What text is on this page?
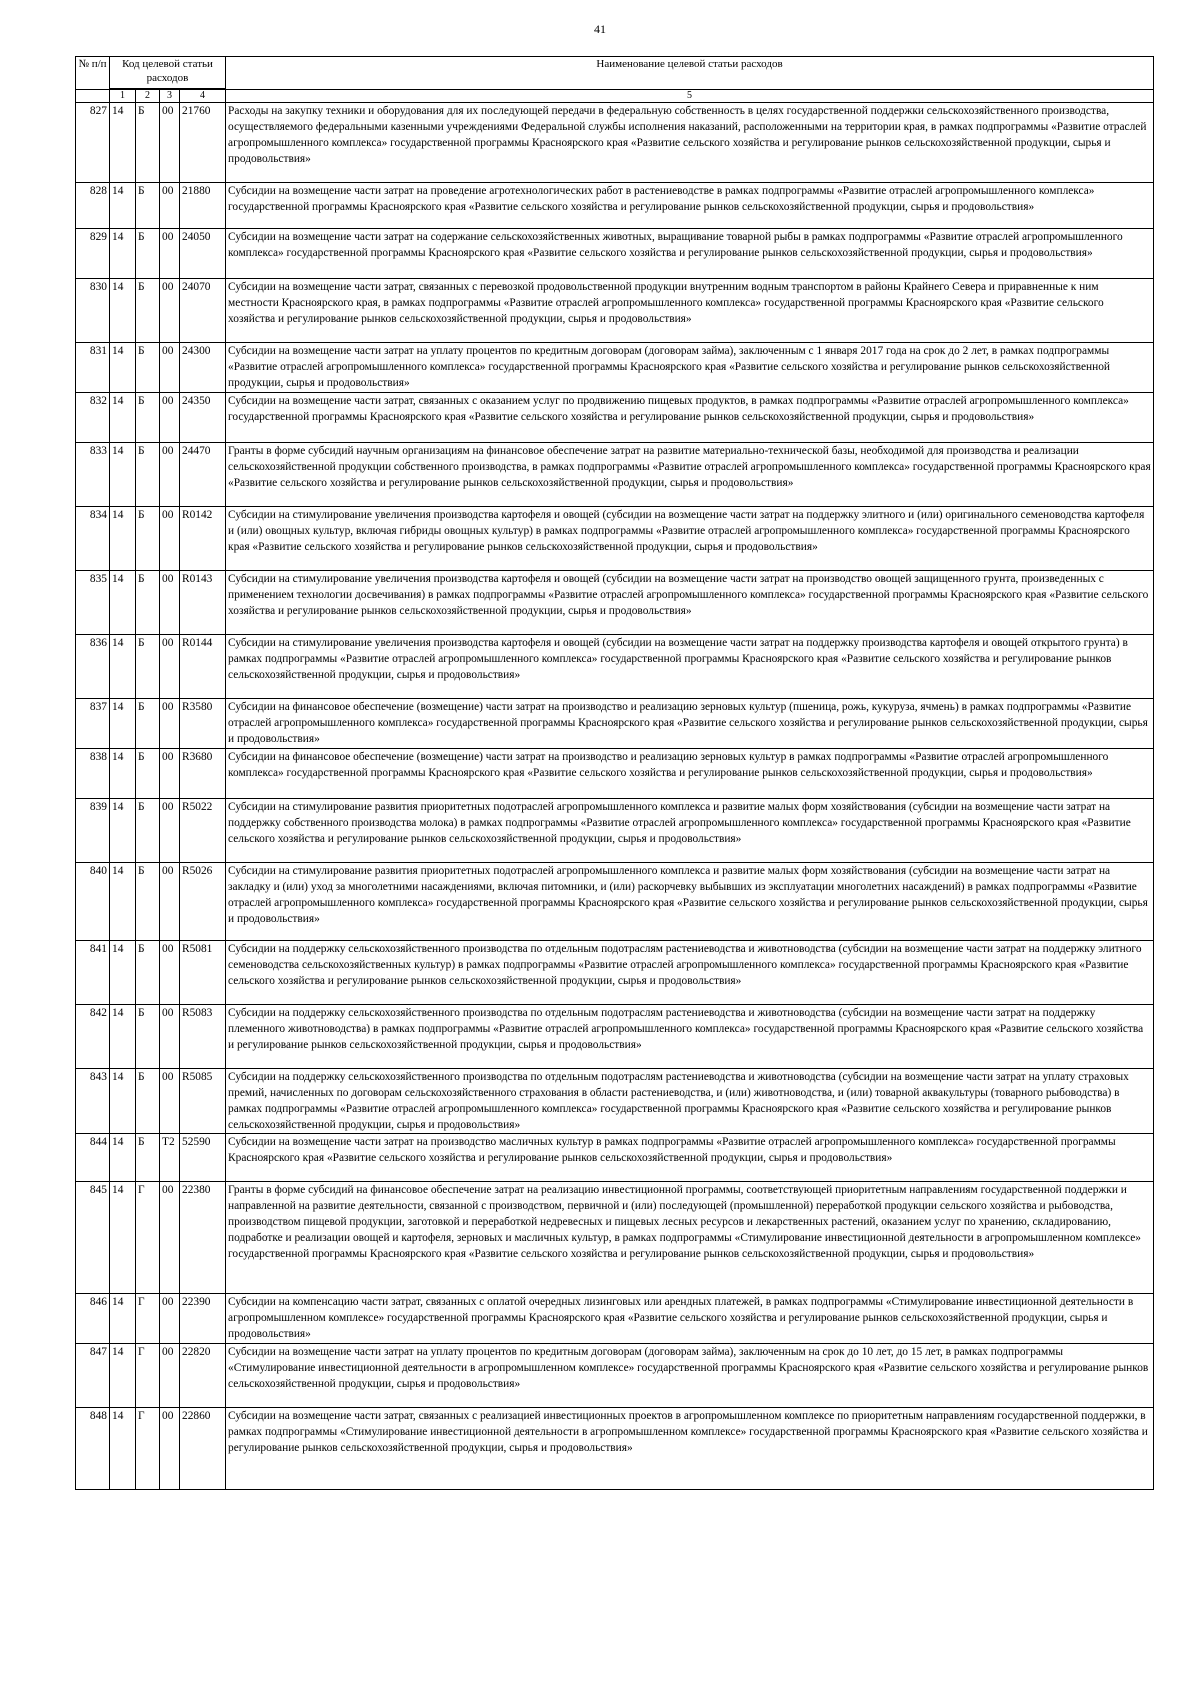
41
№ п/п	Код целевой статьи расходов				Наименование целевой статьи расходов

	1	2	3	4	5
827	14	Б	00	21760	Расходы на закупку техники и оборудования для их последующей передачи в федеральную собственность в целях государственной поддержки сельскохозяйственного производства, осуществляемого федеральными казенными учреждениями Федеральной службы исполнения наказаний, расположенными на территории края, в рамках подпрограммы «Развитие отраслей агропромышленного комплекса» государственной программы Красноярского края «Развитие сельского хозяйства и регулирование рынков сельскохозяйственной продукции, сырья и продовольствия»
828	14	Б	00	21880	Субсидии на возмещение части затрат на проведение агротехнологических работ в растениеводстве в рамках подпрограммы «Развитие отраслей агропромышленного комплекса» государственной программы Красноярского края «Развитие сельского хозяйства и регулирование рынков сельскохозяйственной продукции, сырья и продовольствия»
829	14	Б	00	24050	Субсидии на возмещение части затрат на содержание сельскохозяйственных животных, выращивание товарной рыбы в рамках подпрограммы «Развитие отраслей агропромышленного комплекса» государственной программы Красноярского края «Развитие сельского хозяйства и регулирование рынков сельскохозяйственной продукции, сырья и продовольствия»
830	14	Б	00	24070	Субсидии на возмещение части затрат, связанных с перевозкой продовольственной продукции внутренним водным транспортом в районы Крайнего Севера и приравненные к ним местности Красноярского края, в рамках подпрограммы «Развитие отраслей агропромышленного комплекса» государственной программы Красноярского края «Развитие сельского хозяйства и регулирование рынков сельскохозяйственной продукции, сырья и продовольствия»
831	14	Б	00	24300	Субсидии на возмещение части затрат на уплату процентов по кредитным договорам (договорам займа), заключенным с 1 января 2017 года на срок до 2 лет, в рамках подпрограммы «Развитие отраслей агропромышленного комплекса» государственной программы Красноярского края «Развитие сельского хозяйства и регулирование рынков сельскохозяйственной продукции, сырья и продовольствия»
832	14	Б	00	24350	Субсидии на возмещение части затрат, связанных с оказанием услуг по продвижению пищевых продуктов, в рамках подпрограммы «Развитие отраслей агропромышленного комплекса» государственной программы Красноярского края «Развитие сельского хозяйства и регулирование рынков сельскохозяйственной продукции, сырья и продовольствия»
833	14	Б	00	24470	Гранты в форме субсидий научным организациям на финансовое обеспечение затрат на развитие материально-технической базы, необходимой для производства и реализации сельскохозяйственной продукции собственного производства, в рамках подпрограммы «Развитие отраслей агропромышленного комплекса» государственной программы Красноярского края «Развитие сельского хозяйства и регулирование рынков сельскохозяйственной продукции, сырья и продовольствия»
834	14	Б	00	R0142	Субсидии на стимулирование увеличения производства картофеля и овощей (субсидии на возмещение части затрат на поддержку элитного и (или) оригинального семеноводства картофеля и (или) овощных культур, включая гибриды овощных культур) в рамках подпрограммы «Развитие отраслей агропромышленного комплекса» государственной программы Красноярского края «Развитие сельского хозяйства и регулирование рынков сельскохозяйственной продукции, сырья и продовольствия»
835	14	Б	00	R0143	Субсидии на стимулирование увеличения производства картофеля и овощей (субсидии на возмещение части затрат на производство овощей защищенного грунта, произведенных с применением технологии досвечивания) в рамках подпрограммы «Развитие отраслей агропромышленного комплекса» государственной программы Красноярского края «Развитие сельского хозяйства и регулирование рынков сельскохозяйственной продукции, сырья и продовольствия»
836	14	Б	00	R0144	Субсидии на стимулирование увеличения производства картофеля и овощей (субсидии на возмещение части затрат на поддержку производства картофеля и овощей открытого грунта) в рамках подпрограммы «Развитие отраслей агропромышленного комплекса» государственной программы Красноярского края «Развитие сельского хозяйства и регулирование рынков сельскохозяйственной продукции, сырья и продовольствия»
837	14	Б	00	R3580	Субсидии на финансовое обеспечение (возмещение) части затрат на производство и реализацию зерновых культур (пшеница, рожь, кукуруза, ячмень) в рамках подпрограммы «Развитие отраслей агропромышленного комплекса» государственной программы Красноярского края «Развитие сельского хозяйства и регулирование рынков сельскохозяйственной продукции, сырья и продовольствия»
838	14	Б	00	R3680	Субсидии на финансовое обеспечение (возмещение) части затрат на производство и реализацию зерновых культур в рамках подпрограммы «Развитие отраслей агропромышленного комплекса» государственной программы Красноярского края «Развитие сельского хозяйства и регулирование рынков сельскохозяйственной продукции, сырья и продовольствия»
839	14	Б	00	R5022	Субсидии на стимулирование развития приоритетных подотраслей агропромышленного комплекса и развитие малых форм хозяйствования (субсидии на возмещение части затрат на поддержку собственного производства молока) в рамках подпрограммы «Развитие отраслей агропромышленного комплекса» государственной программы Красноярского края «Развитие сельского хозяйства и регулирование рынков сельскохозяйственной продукции, сырья и продовольствия»
840	14	Б	00	R5026	Субсидии на стимулирование развития приоритетных подотраслей агропромышленного комплекса и развитие малых форм хозяйствования (субсидии на возмещение части затрат на закладку и (или) уход за многолетними насаждениями, включая питомники, и (или) раскорчевку выбывших из эксплуатации многолетних насаждений) в рамках подпрограммы «Развитие отраслей агропромышленного комплекса» государственной программы Красноярского края «Развитие сельского хозяйства и регулирование рынков сельскохозяйственной продукции, сырья и продовольствия»
841	14	Б	00	R5081	Субсидии на поддержку сельскохозяйственного производства по отдельным подотраслям растениеводства и животноводства (субсидии на возмещение части затрат на поддержку элитного семеноводства сельскохозяйственных культур) в рамках подпрограммы «Развитие отраслей агропромышленного комплекса» государственной программы Красноярского края «Развитие сельского хозяйства и регулирование рынков сельскохозяйственной продукции, сырья и продовольствия»
842	14	Б	00	R5083	Субсидии на поддержку сельскохозяйственного производства по отдельным подотраслям растениеводства и животноводства (субсидии на возмещение части затрат на поддержку племенного животноводства) в рамках подпрограммы «Развитие отраслей агропромышленного комплекса» государственной программы Красноярского края «Развитие сельского хозяйства и регулирование рынков сельскохозяйственной продукции, сырья и продовольствия»
843	14	Б	00	R5085	Субсидии на поддержку сельскохозяйственного производства по отдельным подотраслям растениеводства и животноводства (субсидии на возмещение части затрат на уплату страховых премий, начисленных по договорам сельскохозяйственного страхования в области растениеводства, и (или) животноводства, и (или) товарной аквакультуры (товарного рыбоводства) в рамках подпрограммы «Развитие отраслей агропромышленного комплекса» государственной программы Красноярского края «Развитие сельского хозяйства и регулирование рынков сельскохозяйственной продукции, сырья и продовольствия»
844	14	Б	T2	52590	Субсидии на возмещение части затрат на производство масличных культур в рамках подпрограммы «Развитие отраслей агропромышленного комплекса» государственной программы Красноярского края «Развитие сельского хозяйства и регулирование рынков сельскохозяйственной продукции, сырья и продовольствия»
845	14	Г	00	22380	Гранты в форме субсидий на финансовое обеспечение затрат на реализацию инвестиционной программы, соответствующей приоритетным направлениям государственной поддержки и направленной на развитие деятельности, связанной с производством, первичной и (или) последующей (промышленной) переработкой продукции сельского хозяйства и рыбоводства, производством пищевой продукции, заготовкой и переработкой недревесных и пищевых лесных ресурсов и лекарственных растений, оказанием услуг по хранению, складированию, подработке и реализации овощей и картофеля, зерновых и масличных культур, в рамках подпрограммы «Стимулирование инвестиционной деятельности в агропромышленном комплексе» государственной программы Красноярского края «Развитие сельского хозяйства и регулирование рынков сельскохозяйственной продукции, сырья и продовольствия»
846	14	Г	00	22390	Субсидии на компенсацию части затрат, связанных с оплатой очередных лизинговых или арендных платежей, в рамках подпрограммы «Стимулирование инвестиционной деятельности в агропромышленном комплексе» государственной программы Красноярского края «Развитие сельского хозяйства и регулирование рынков сельскохозяйственной продукции, сырья и продовольствия»
847	14	Г	00	22820	Субсидии на возмещение части затрат на уплату процентов по кредитным договорам (договорам займа), заключенным на срок до 10 лет, до 15 лет, в рамках подпрограммы «Стимулирование инвестиционной деятельности в агропромышленном комплексе» государственной программы Красноярского края «Развитие сельского хозяйства и регулирование рынков сельскохозяйственной продукции, сырья и продовольствия»
848	14	Г	00	22860	Субсидии на возмещение части затрат, связанных с реализацией инвестиционных проектов в агропромышленном комплексе по приоритетным направлениям государственной поддержки, в рамках подпрограммы «Стимулирование инвестиционной деятельности в агропромышленном комплексе» государственной программы Красноярского края «Развитие сельского хозяйства и регулирование рынков сельскохозяйственной продукции, сырья и продовольствия»
